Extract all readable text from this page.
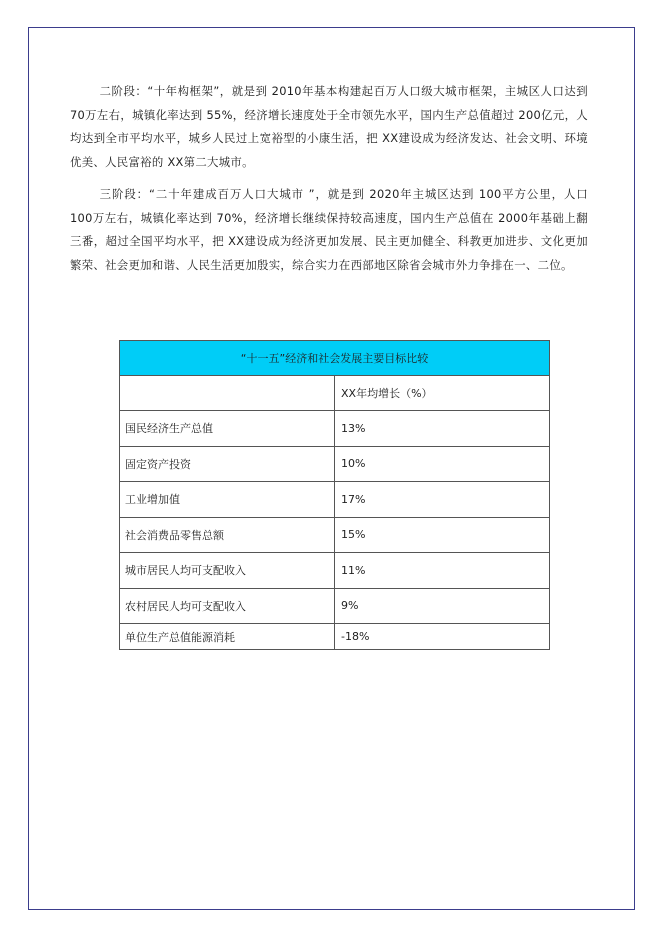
二阶段：“十年构框架”，就是到 2010年基本构建起百万人口级大城市框架，主城区人口达到 70万左右，城镇化率达到 55%，经济增长速度处于全市领先水平，国内生产总值超过 200亿元，人均达到全市平均水平，城乡人民过上宽裕型的小康生活，把 XX建设成为经济发达、社会文明、环境优美、人民富裕的 XX第二大城市。

三阶段：“二十年建成百万人口大城市 ”，就是到 2020年主城区达到 100平方公里，人口 100万左右，城镇化率达到 70%，经济增长继续保持较高速度，国内生产总值在 2000年基础上翻三番，超过全国平均水平，把 XX建设成为经济更加发展、民主更加健全、科教更加进步、文化更加繁荣、社会更加和谐、人民生活更加殷实，综合实力在西部地区除省会城市外力争排在一、二位。

“十一五”经济和社会发展主要目标比较	
	XX年均增长（%）
国民经济生产总值	13%
固定资产投资	10%
工业增加值	17%
社会消费品零售总额	15%
城市居民人均可支配收入	11%
农村居民人均可支配收入	9%
单位生产总值能源消耗	-18%
